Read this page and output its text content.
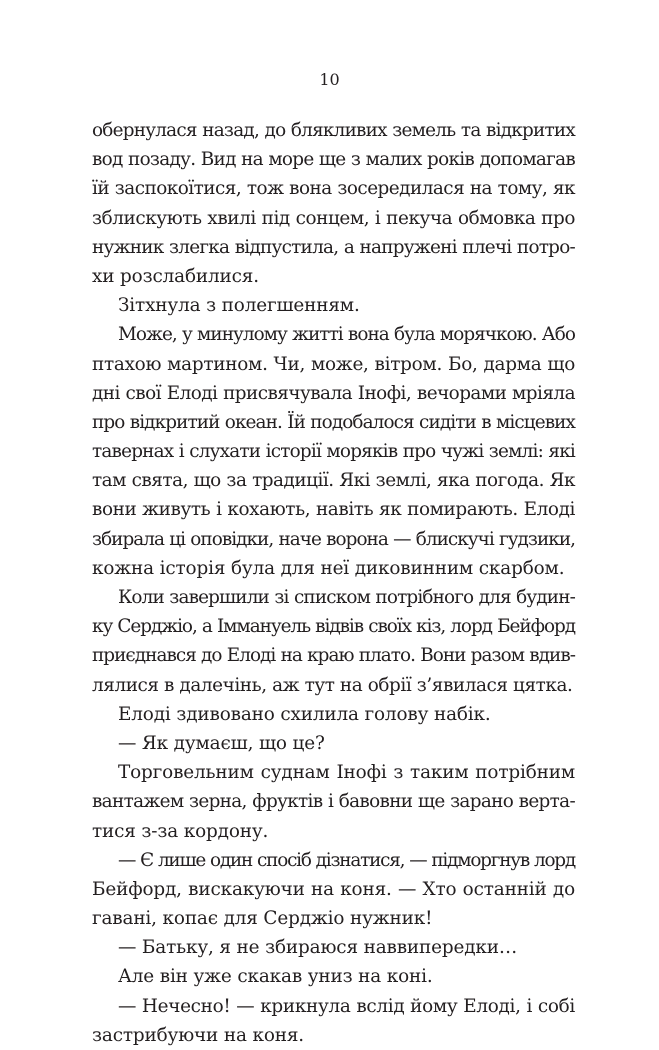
10
обернулася назад, до блякливих земель та відкритих
вод позаду. Вид на море ще з малих років допомагав
їй заспокоїтися, тож вона зосередилася на тому, як
зблискують хвилі під сонцем, і пекуча обмовка про
нужник злегка відпустила, а напружені плечі потро-
хи розслабилися.
Зітхнула з полегшенням.
Може, у минулому житті вона була морячкою. Або
птахою мартином. Чи, може, вітром. Бо, дарма що
дні свої Елоді присвячувала Інофі, вечорами мріяла
про відкритий океан. Їй подобалося сидіти в місцевих
тавернах і слухати історії моряків про чужі землі: які
там свята, що за традиції. Які землі, яка погода. Як
вони живуть і кохають, навіть як помирають. Елоді
збирала ці оповідки, наче ворона — блискучі гудзики,
кожна історія була для неї диковинним скарбом.
Коли завершили зі списком потрібного для будин-
ку Серджіо, а Іммануель відвів своїх кіз, лорд Бейфорд
приєднався до Елоді на краю плато. Вони разом вдив-
лялися в далечінь, аж тут на обрії з’явилася цятка.
Елоді здивовано схилила голову набік.
— Як думаєш, що це?
Торговельним суднам Інофі з таким потрібним
вантажем зерна, фруктів і бавовни ще зарано верта-
тися з-за кордону.
— Є лише один спосіб дізнатися, — підморгнув лорд
Бейфорд, вискакуючи на коня. — Хто останній до
гавані, копає для Серджіо нужник!
— Батьку, я не збираюся наввипередки…
Але він уже скакав униз на коні.
— Нечесно! — крикнула вслід йому Елоді, і собі
застрибуючи на коня.
